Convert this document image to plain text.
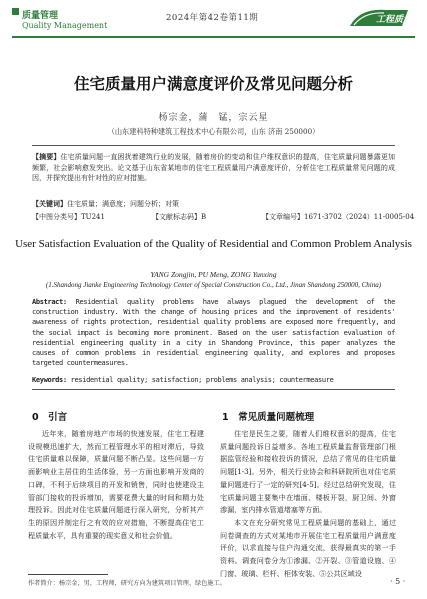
质量管理
Quality Management
2024年第42卷第11期	工程质量
住宅质量用户满意度评价及常见问题分析
杨宗金，蒲　锰，宗云星
（山东建科特种建筑工程技术中心有限公司，山东 济南 250000）
【摘要】住宅质量问题一直困扰着建筑行业的发展，随着房价的变动和住户维权意识的提高，住宅质量问题暴露更加频繁，社会影响愈发突出。论文基于山东省某地市的住宅工程质量用户满意度评价，分析住宅工程质量常见问题的成因，并探究提出有针对性的应对措施。
【关键词】住宅质量；满意度；问题分析；对策
【中图分类号】TU241	【文献标志码】B	【文章编号】1671-3702（2024）11-0005-04
User Satisfaction Evaluation of the Quality of Residential and Common Problem Analysis
YANG Zongjin, PU Meng, ZONG Yunxing
(1.Shandong Jianke Engineering Technology Center of Special Construction Co., Ltd., Jinan Shandong 250000, China)
Abstract: Residential quality problems have always plagued the development of the construction industry. With the change of housing prices and the improvement of residents' awareness of rights protection, residential quality problems are exposed more frequently, and the social impact is becoming more prominent. Based on the user satisfaction evaluation of residential engineering quality in a city in Shandong Province, this paper analyzes the causes of common problems in residential engineering quality, and explores and proposes targeted countermeasures.
Keywords: residential quality; satisfaction; problems analysis; countermeasure
0　引言	1　常见质量问题梳理

近年来，随着房地产市场的快速发展，住宅工程建设规模迅速扩大，然而工程管理水平的相对滞后，导致住宅质量难以保障，质量问题不断凸显。这些问题一方面影响业主居住的生活体验，另一方面也影响开发商的口碑，不利于后续项目的开发和销售，同时也使建设主管部门接收的投诉增加，需要花费大量的时间和精力处理投诉。因此对住宅质量问题进行深入研究，分析其产生的原因并制定行之有效的应对措施，不断提高住宅工程质量水平，具有重要的现实意义和社会价值。

住宅是民生之要，随着人们维权意识的提高，住宅质量问题投诉日益增多。各地工程质量监督管理部门根据监管经验和接收投诉的情况，总结了常见的住宅质量问题[1-3]。另外，相关行业协会和科研院所也对住宅质量问题进行了一定的研究[4-5]。经过总结研究发现，住宅质量问题主要集中在墙面、楼板开裂，厨卫间、外窗渗漏，室内排水管道堵塞等方面。

本文在充分研究常见工程质量问题的基础上，通过问卷调查的方式对某地市开展住宅工程质量用户满意度评价，以求直接与住户沟通交流，获得最真实的第一手资料。调查问卷分为①渗漏、②开裂、③管道设施、④门窗、玻璃、栏杆、柜体安装、⑤公共区域设

作者简介：杨宗金，男，工程师，研究方向为建筑项目管理、绿色施工。	· 5 ·
